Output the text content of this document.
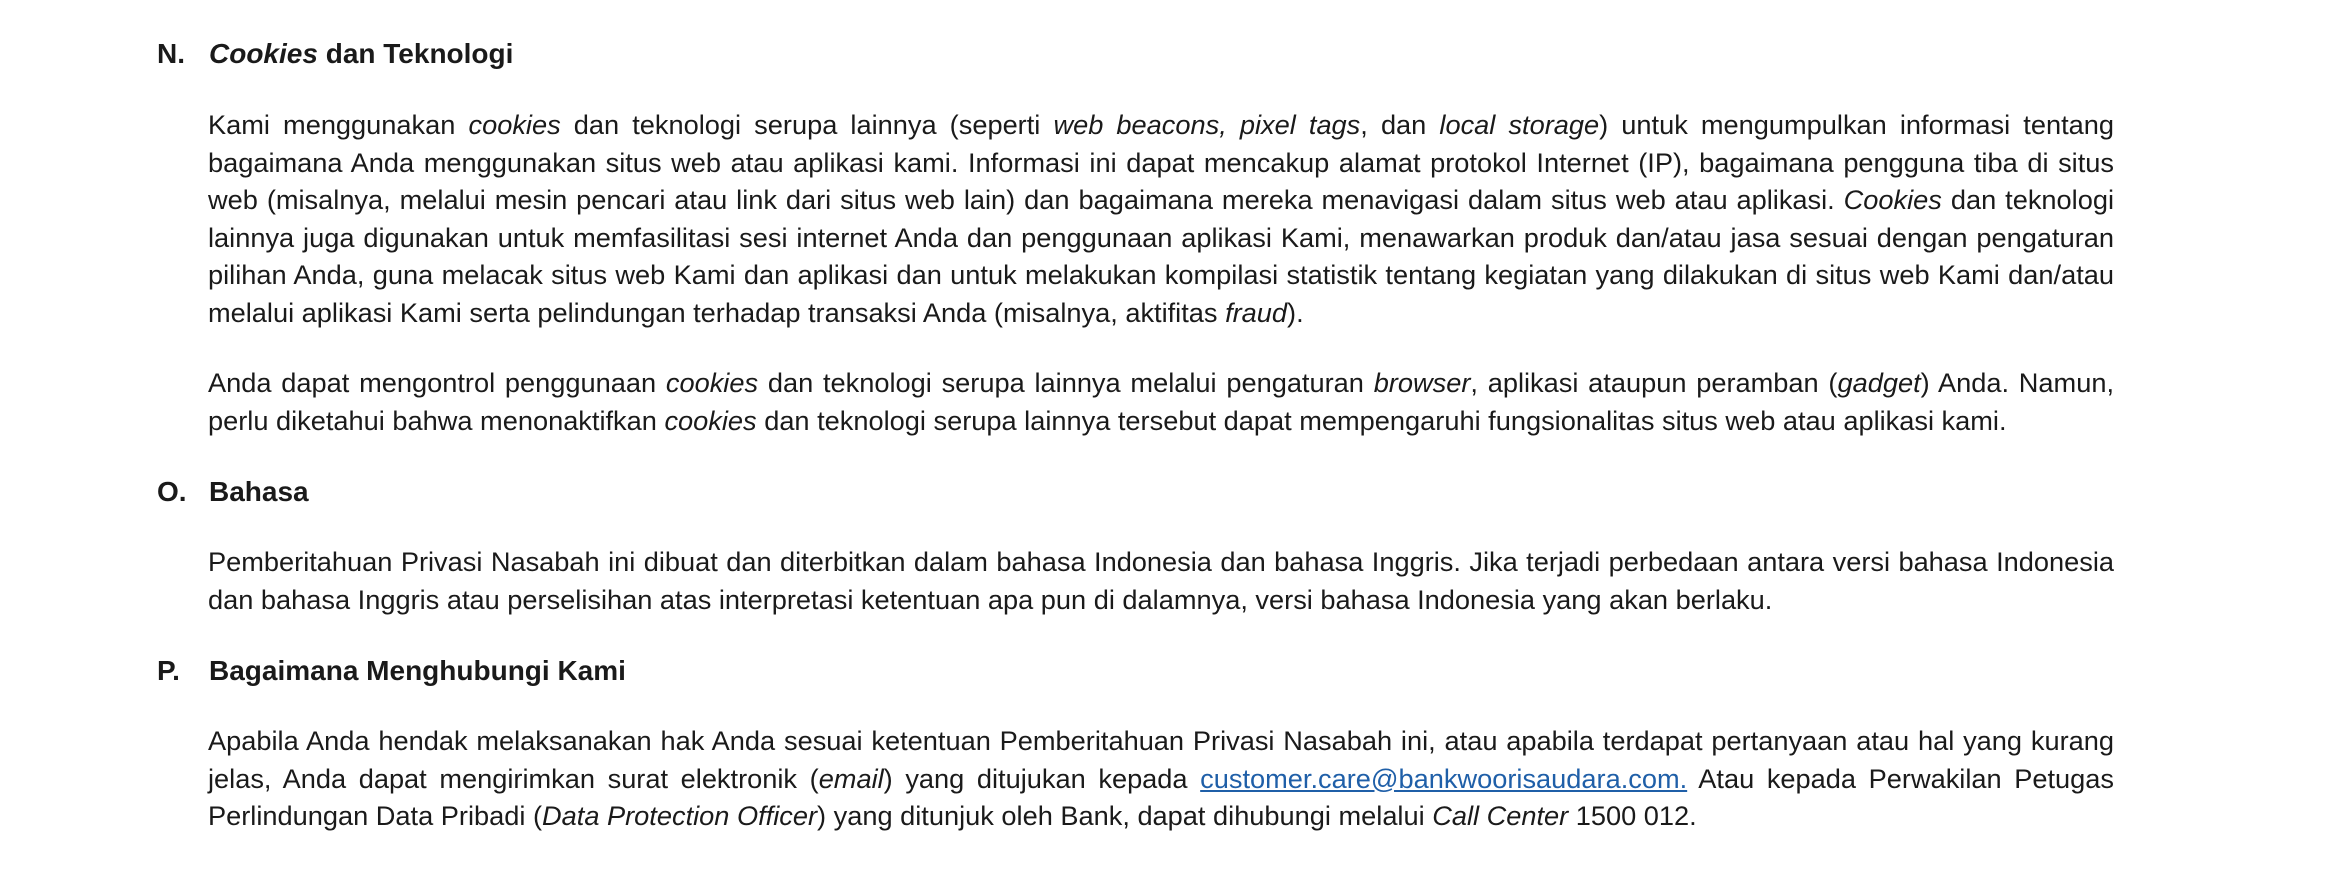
N. Cookies dan Teknologi

Kami menggunakan cookies dan teknologi serupa lainnya (seperti web beacons, pixel tags, dan local storage) untuk mengumpulkan informasi tentang bagaimana Anda menggunakan situs web atau aplikasi kami. Informasi ini dapat mencakup alamat protokol Internet (IP), bagaimana pengguna tiba di situs web (misalnya, melalui mesin pencari atau link dari situs web lain) dan bagaimana mereka menavigasi dalam situs web atau aplikasi. Cookies dan teknologi lainnya juga digunakan untuk memfasilitasi sesi internet Anda dan penggunaan aplikasi Kami, menawarkan produk dan/atau jasa sesuai dengan pengaturan pilihan Anda, guna melacak situs web Kami dan aplikasi dan untuk melakukan kompilasi statistik tentang kegiatan yang dilakukan di situs web Kami dan/atau melalui aplikasi Kami serta pelindungan terhadap transaksi Anda (misalnya, aktifitas fraud).

Anda dapat mengontrol penggunaan cookies dan teknologi serupa lainnya melalui pengaturan browser, aplikasi ataupun peramban (gadget) Anda. Namun, perlu diketahui bahwa menonaktifkan cookies dan teknologi serupa lainnya tersebut dapat mempengaruhi fungsionalitas situs web atau aplikasi kami.

O. Bahasa

Pemberitahuan Privasi Nasabah ini dibuat dan diterbitkan dalam bahasa Indonesia dan bahasa Inggris. Jika terjadi perbedaan antara versi bahasa Indonesia dan bahasa Inggris atau perselisihan atas interpretasi ketentuan apa pun di dalamnya, versi bahasa Indonesia yang akan berlaku.

P.	Bagaimana Menghubungi Kami

Apabila Anda hendak melaksanakan hak Anda sesuai ketentuan Pemberitahuan Privasi Nasabah ini, atau apabila terdapat pertanyaan atau hal yang kurang jelas, Anda dapat mengirimkan surat elektronik (email) yang ditujukan kepada customer.care@bankwoorisaudara.com. Atau kepada Perwakilan Petugas Perlindungan Data Pribadi (Data Protection Officer) yang ditunjuk oleh Bank, dapat dihubungi melalui Call Center 1500 012.
